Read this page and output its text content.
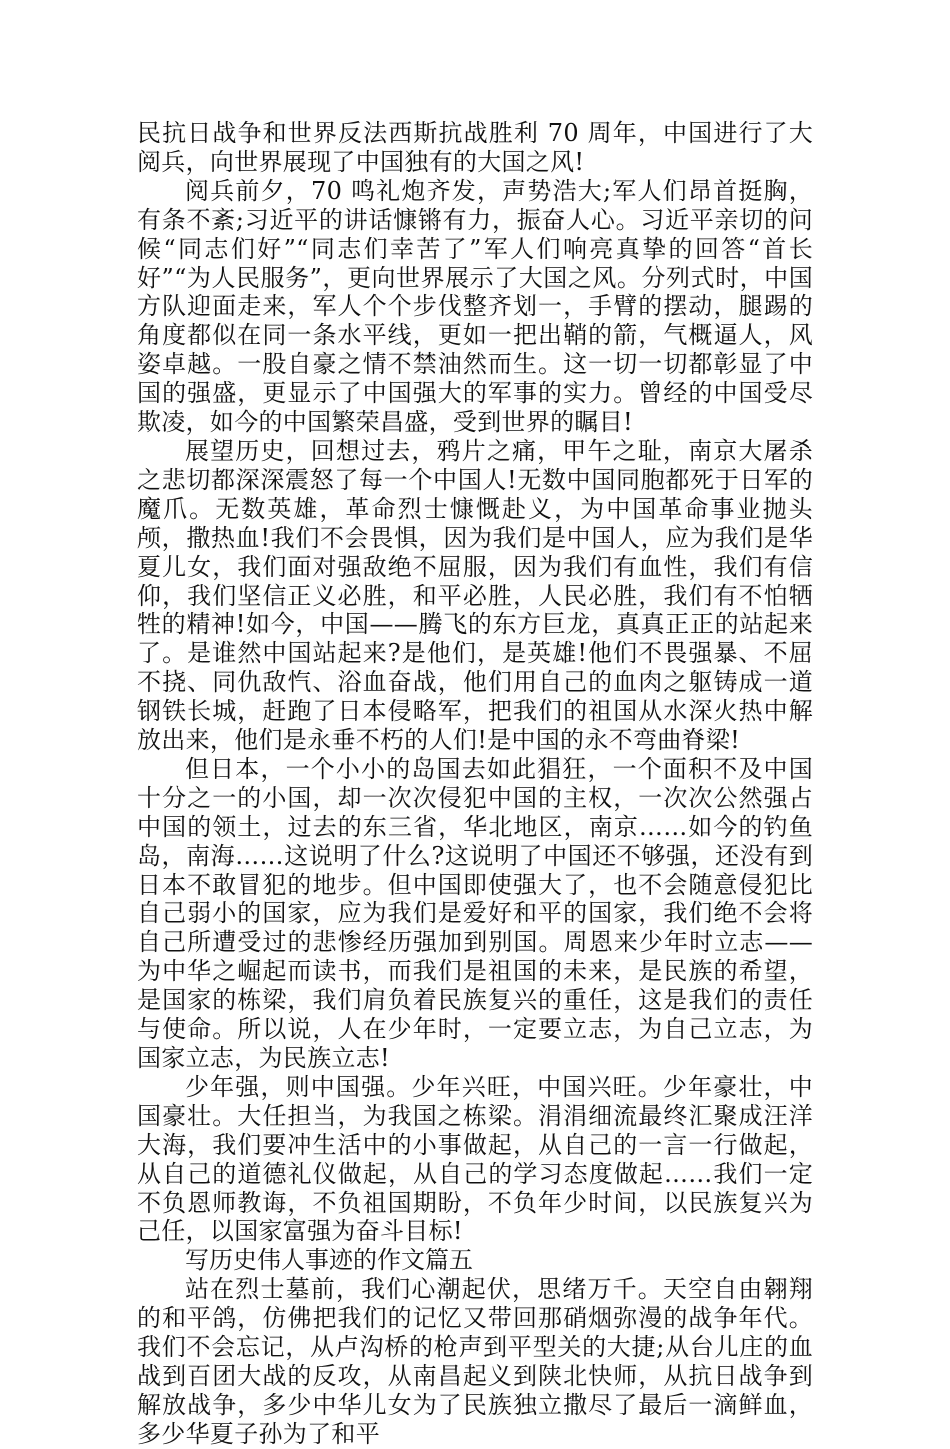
民抗日战争和世界反法西斯抗战胜利 70 周年，中国进行了大阅兵，向世界展现了中国独有的大国之风!

阅兵前夕，70 鸣礼炮齐发，声势浩大;军人们昂首挺胸，有条不紊;习近平的讲话慷锵有力，振奋人心。习近平亲切的问候“同志们好”“同志们幸苦了”军人们响亮真挚的回答“首长好”“为人民服务”，更向世界展示了大国之风。分列式时，中国方队迎面走来，军人个个步伐整齐划一，手臂的摆动，腿踢的角度都似在同一条水平线，更如一把出鞘的箭，气概逼人，风姿卓越。一股自豪之情不禁油然而生。这一切一切都彰显了中国的强盛，更显示了中国强大的军事的实力。曾经的中国受尽欺凌，如今的中国繁荣昌盛，受到世界的瞩目!

展望历史，回想过去，鸦片之痛，甲午之耻，南京大屠杀之悲切都深深震怒了每一个中国人!无数中国同胞都死于日军的魔爪。无数英雄，革命烈士慷慨赴义，为中国革命事业抛头颅，撒热血!我们不会畏惧，因为我们是中国人，应为我们是华夏儿女，我们面对强敌绝不屈服，因为我们有血性，我们有信仰，我们坚信正义必胜，和平必胜，人民必胜，我们有不怕牺牲的精神!如今，中国——腾飞的东方巨龙，真真正正的站起来了。是谁然中国站起来?是他们，是英雄!他们不畏强暴、不屈不挠、同仇敌忾、浴血奋战，他们用自己的血肉之躯铸成一道钢铁长城，赶跑了日本侵略军，把我们的祖国从水深火热中解放出来，他们是永垂不朽的人们!是中国的永不弯曲脊梁!

但日本，一个小小的岛国去如此猖狂，一个面积不及中国十分之一的小国，却一次次侵犯中国的主权，一次次公然强占中国的领土，过去的东三省，华北地区，南京……如今的钓鱼岛，南海……这说明了什么?这说明了中国还不够强，还没有到日本不敢冒犯的地步。但中国即使强大了，也不会随意侵犯比自己弱小的国家，应为我们是爱好和平的国家，我们绝不会将自己所遭受过的悲惨经历强加到别国。周恩来少年时立志——为中华之崛起而读书，而我们是祖国的未来，是民族的希望，是国家的栋梁，我们肩负着民族复兴的重任，这是我们的责任与使命。所以说，人在少年时，一定要立志，为自己立志，为国家立志，为民族立志!

少年强，则中国强。少年兴旺，中国兴旺。少年豪壮，中国豪壮。大任担当，为我国之栋梁。涓涓细流最终汇聚成汪洋大海，我们要冲生活中的小事做起，从自己的一言一行做起，从自己的道德礼仪做起，从自己的学习态度做起……我们一定不负恩师教诲，不负祖国期盼，不负年少时间，以民族复兴为己任，以国家富强为奋斗目标!

写历史伟人事迹的作文篇五

站在烈士墓前，我们心潮起伏，思绪万千。天空自由翱翔的和平鸽，仿佛把我们的记忆又带回那硝烟弥漫的战争年代。我们不会忘记，从卢沟桥的枪声到平型关的大捷;从台儿庄的血战到百团大战的反攻，从南昌起义到陕北快师，从抗日战争到解放战争，多少中华儿女为了民族独立撒尽了最后一滴鲜血，多少华夏子孙为了和平
